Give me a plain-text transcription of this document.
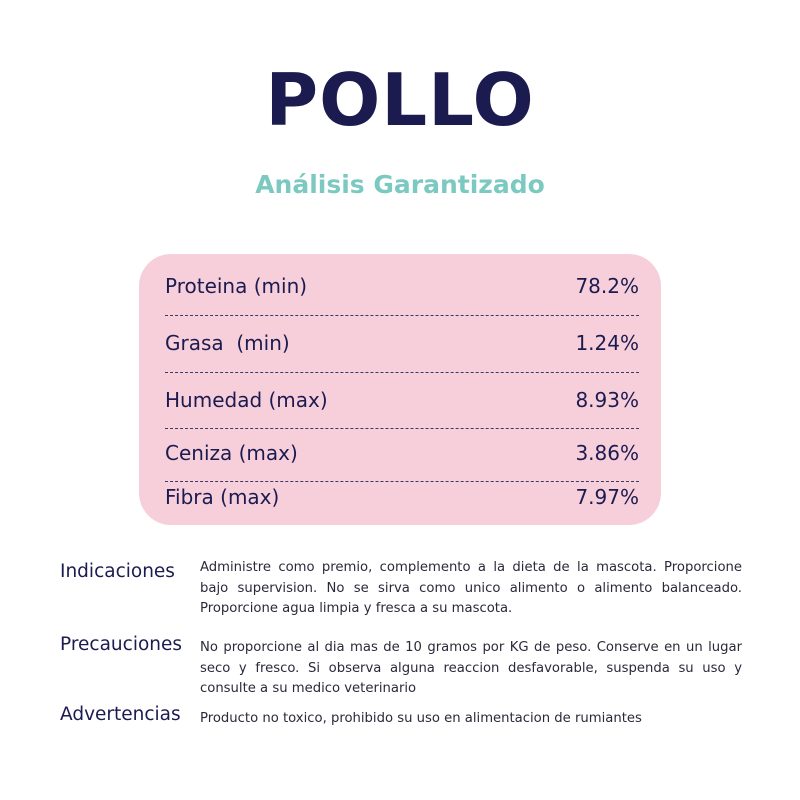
POLLO
Análisis Garantizado
Proteina (min)	78.2%
Grasa  (min)	1.24%
Humedad (max)	8.93%
Ceniza (max)	3.86%
Fibra (max)	7.97%
Indicaciones Administre como premio, complemento a la dieta de la mascota. Proporcione bajo supervision. No se sirva como unico alimento o alimento balanceado. Proporcione agua limpia y fresca a su mascota.

Precauciones No proporcione al dia mas de 10 gramos por KG de peso. Conserve en un lugar seco y fresco. Si observa alguna reaccion desfavorable, suspenda su uso y consulte a su medico veterinario

Advertencias Producto no toxico, prohibido su uso en alimentacion de rumiantes
